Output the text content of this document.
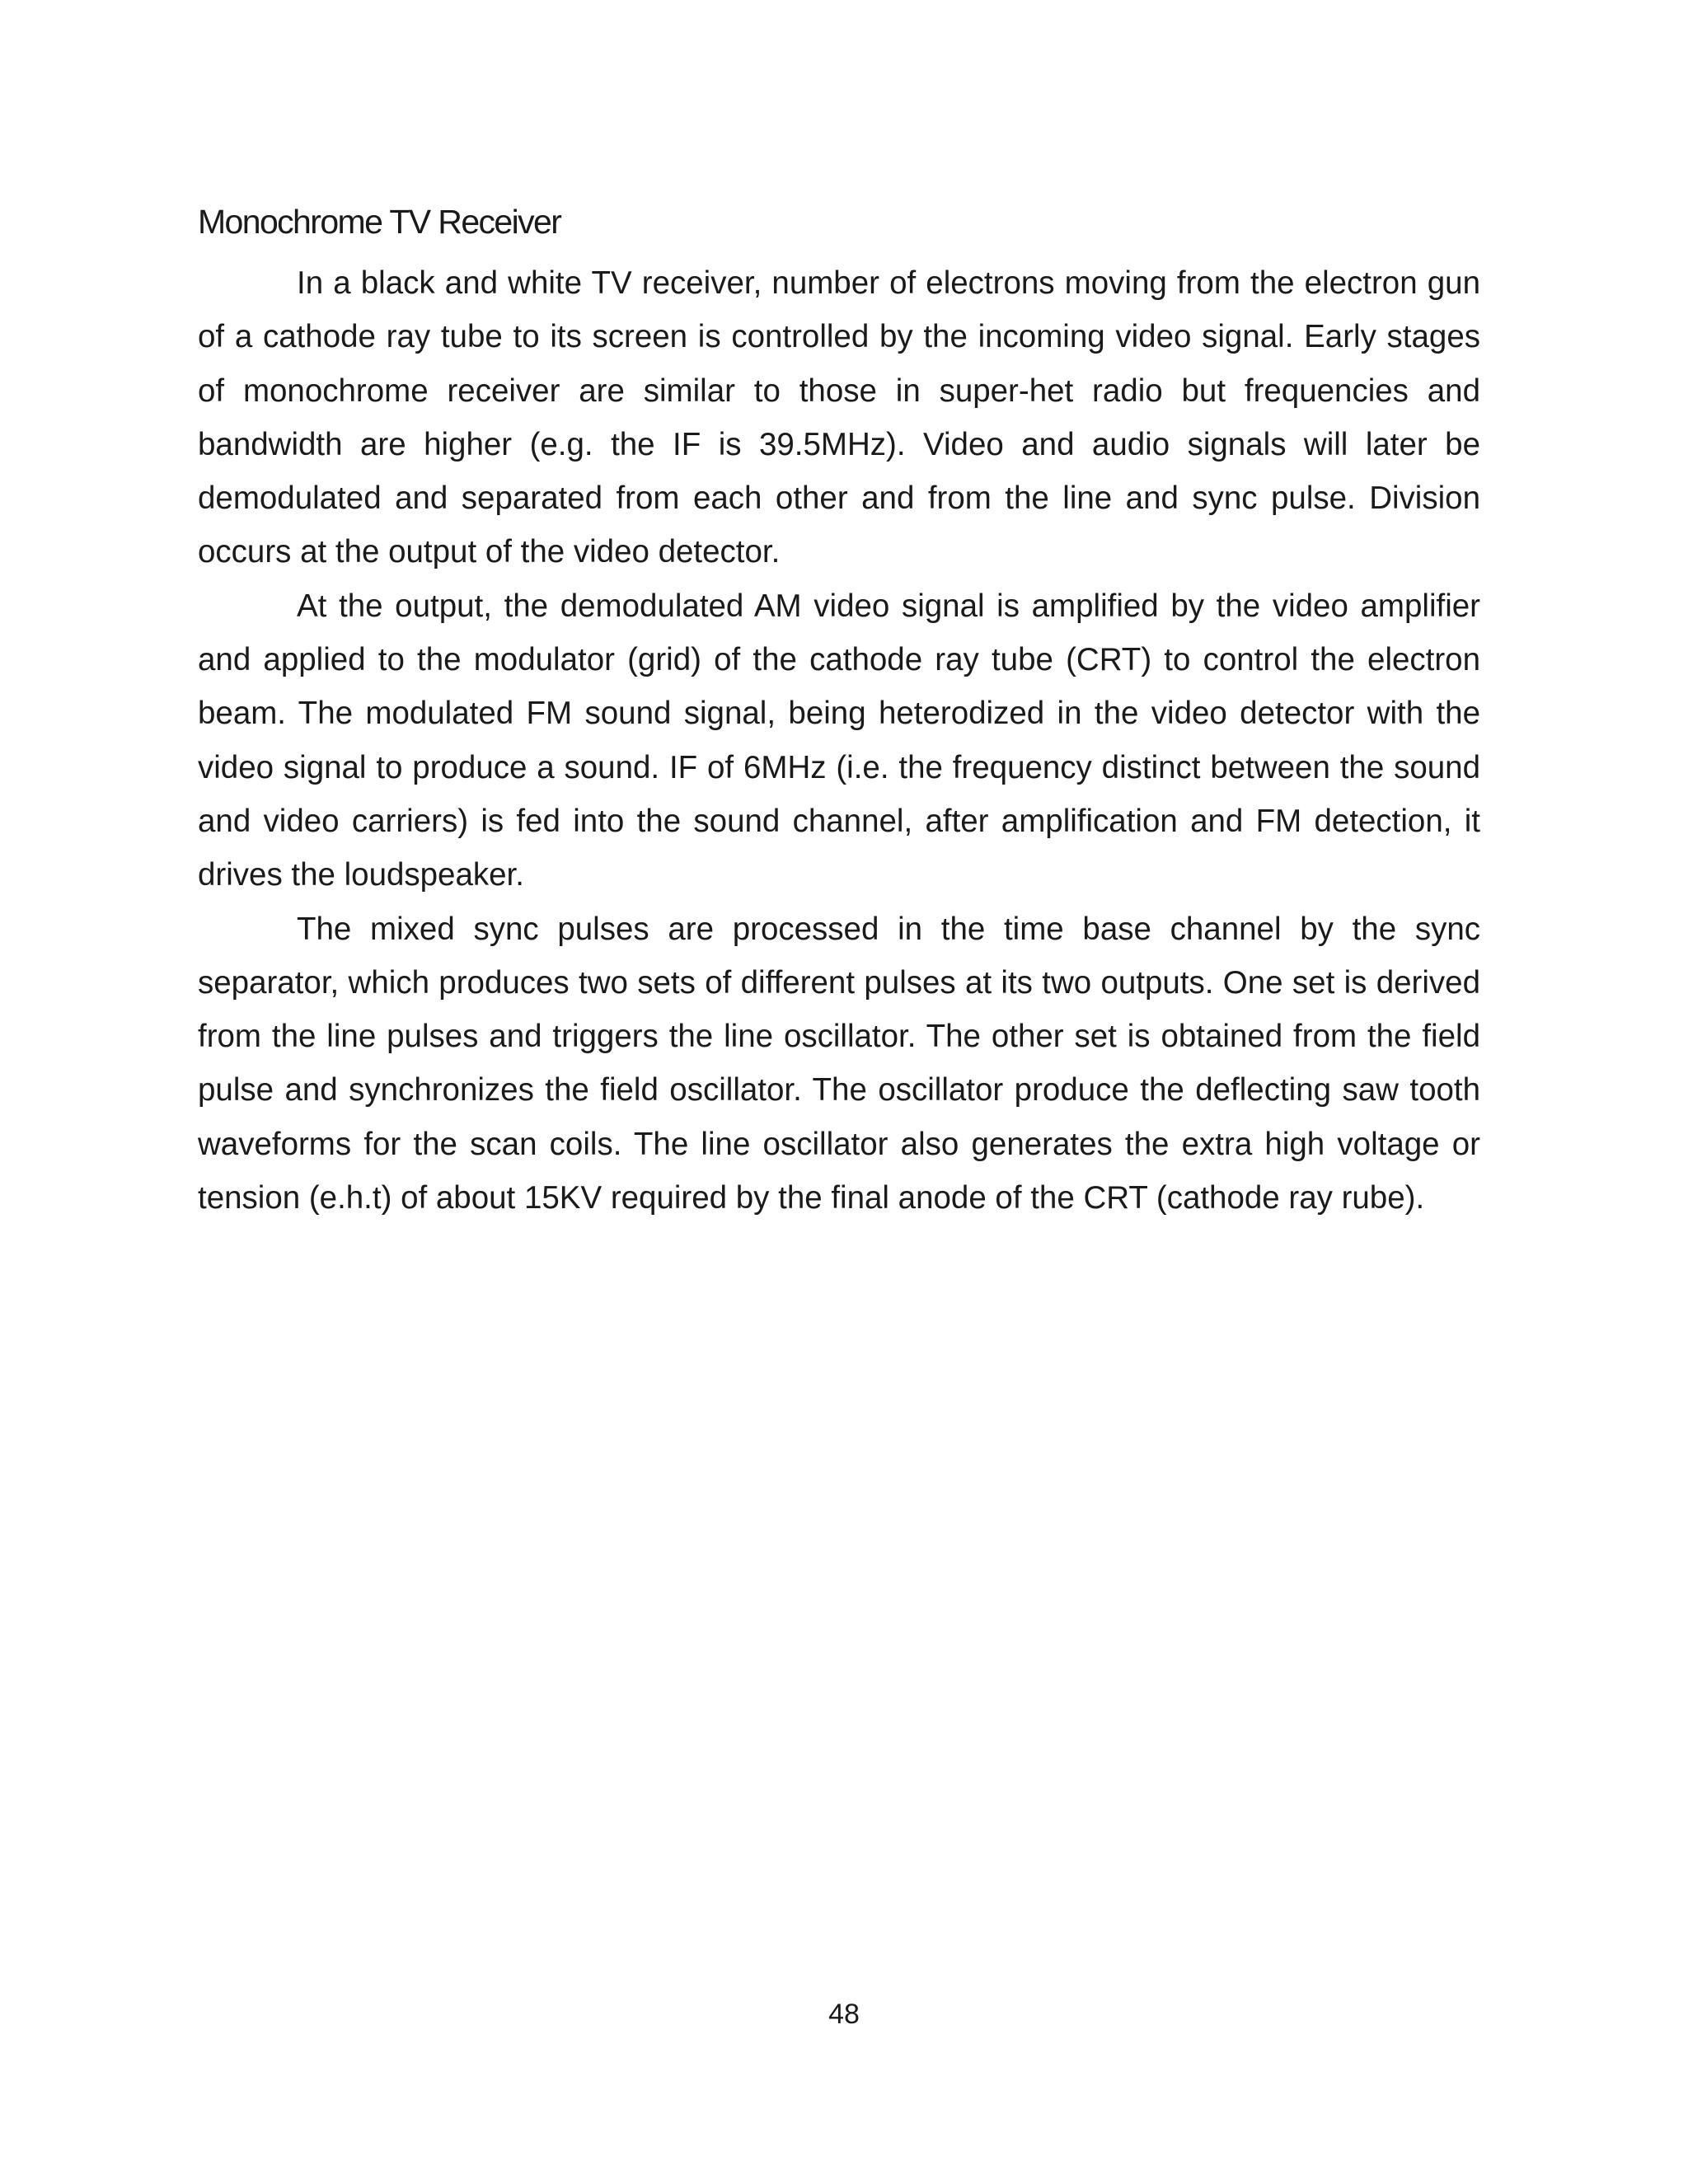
Monochrome TV Receiver

In a black and white TV receiver, number of electrons moving from the electron gun of a cathode ray tube to its screen is controlled by the incoming video signal. Early stages of monochrome receiver are similar to those in super-het radio but frequencies and bandwidth are higher (e.g. the IF is 39.5MHz). Video and audio signals will later be demodulated and separated from each other and from the line and sync pulse. Division occurs at the output of the video detector.

At the output, the demodulated AM video signal is amplified by the video amplifier and applied to the modulator (grid) of the cathode ray tube (CRT) to control the electron beam. The modulated FM sound signal, being heterodized in the video detector with the video signal to produce a sound. IF of 6MHz (i.e. the frequency distinct between the sound and video carriers) is fed into the sound channel, after amplification and FM detection, it drives the loudspeaker.

The mixed sync pulses are processed in the time base channel by the sync separator, which produces two sets of different pulses at its two outputs. One set is derived from the line pulses and triggers the line oscillator. The other set is obtained from the field pulse and synchronizes the field oscillator. The oscillator produce the deflecting saw tooth waveforms for the scan coils. The line oscillator also generates the extra high voltage or tension (e.h.t) of about 15KV required by the final anode of the CRT (cathode ray rube).

48
